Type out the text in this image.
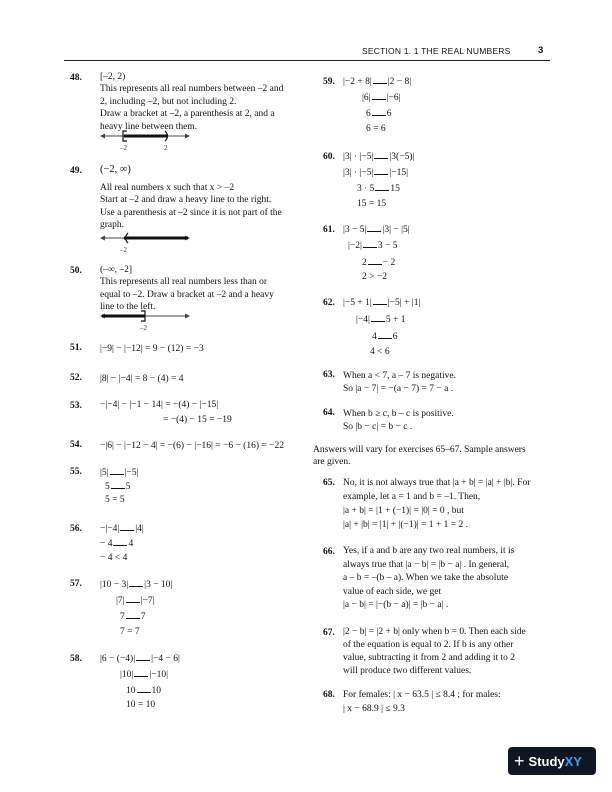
SECTION 1. 1 THE REAL NUMBERS	3
48. [–2, 2)
This represents all real numbers between –2 and
2, including –2, but not including 2.
Draw a bracket at –2, a parenthesis at 2, and a
heavy line between them.
–2	2
49. (−2, ∞)
All real numbers x such that x > –2
Start at –2 and draw a heavy line to the right.
Use a parenthesis at –2 since it is not part of the
graph.
–2
50. (–∞, –2]
This represents all real numbers less than or
equal to –2. Draw a bracket at –2 and a heavy
line to the left.
–2
51. |−9| − |−12| = 9 − (12) = −3
52. |8| − |−4| = 8 − (4) = 4
53. −|−4| − |−1 − 14| = −(4) − |−15|
= −(4) − 15 = −19
54. −|6| − |−12 − 4| = −(6) − |−16| = −6 − (16) = −22
55. |5| |−5|
5 5
5 = 5
56. −|−4| |4|
− 4 4
− 4 < 4
57. |10 − 3| |3 − 10|
|7| |−7|
7 7
7 = 7
58. |6 − (−4)| |−4 − 6|
|10| |−10|
10 10
10 = 10
59. |−2 + 8| |2 − 8|
|6| |−6|
6 6
6 = 6
60. |3| · |−5| |3(−5)|
|3| · |−5| |−15|
3 · 5 15
15 = 15
61. |3 − 5| |3| − |5|
|−2| 3 − 5
2 − 2
2 > −2
62. |−5 + 1| |−5| + |1|
|−4| 5 + 1
4 6
4 < 6
63. When a < 7, a – 7 is negative.
So |a − 7| = −(a − 7) = 7 − a .
64. When b ≥ c, b – c is positive.
So |b − c| = b − c .
Answers will vary for exercises 65–67. Sample answers
are given.
65. No, it is not always true that |a + b| = |a| + |b|. For
example, let a = 1 and b = –1. Then,
|a + b| = |1 + (−1)| = |0| = 0 , but
|a| + |b| = |1| + |(−1)| = 1 + 1 = 2 .
66. Yes, if a and b are any two real numbers, it is
always true that |a − b| = |b − a| . In general,
a – b = –(b – a). When we take the absolute
value of each side, we get
|a − b| = |−(b − a)| = |b − a| .
67. |2 − b| = |2 + b| only when b = 0. Then each side
of the equation is equal to 2. If b is any other
value, subtracting it from 2 and adding it to 2
will produce two different values.
68. For females: | x − 63.5 | ≤ 8.4 ; for males:
| x − 68.9 | ≤ 9.3
+ Study XY
